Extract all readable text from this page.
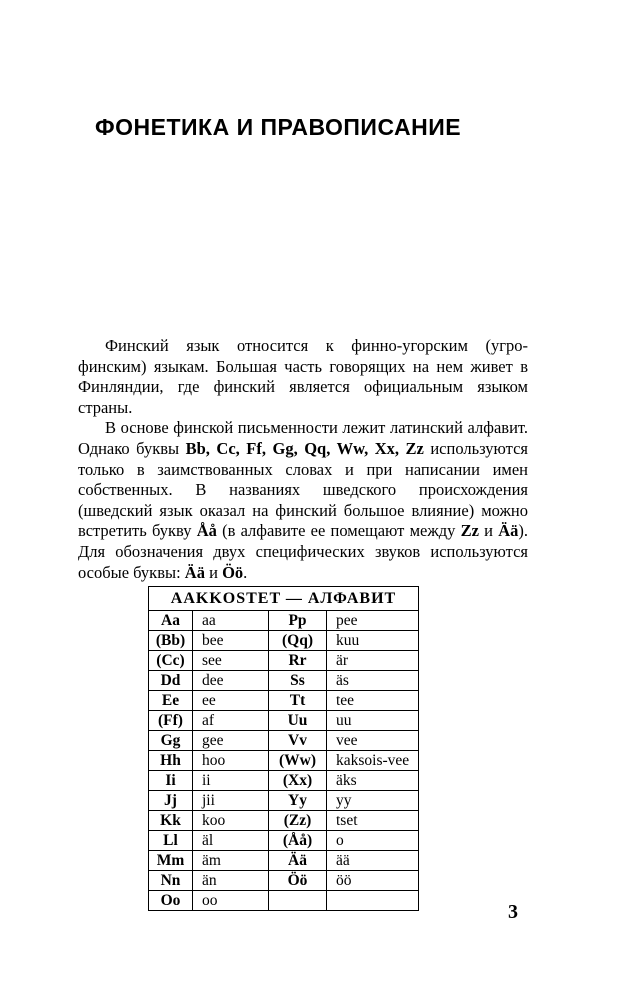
ФОНЕТИКА И ПРАВОПИСАНИЕ

Финский язык относится к финно-угорским (угро-финским) языкам. Большая часть говорящих на нем живет в Финляндии, где финский является официальным языком страны.

В основе финской письменности лежит латинский алфавит. Однако буквы Bb, Cc, Ff, Gg, Qq, Ww, Xx, Zz используются только в заимствованных словах и при написании имен собственных. В названиях шведского происхождения (шведский язык оказал на финский большое влияние) можно встретить букву Åå (в алфавите ее помещают между Zz и Ää). Для обозначения двух специфических звуков используются особые буквы: Ää и Öö.

AAKKOSTET — АЛФАВИТ			
Aa	aa	Pp	pee
(Bb)	bee	(Qq)	kuu
(Cc)	see	Rr	är
Dd	dee	Ss	äs
Ee	ee	Tt	tee
(Ff)	af	Uu	uu
Gg	gee	Vv	vee
Hh	hoo	(Ww)	kaksois-vee
Ii	ii	(Xx)	äks
Jj	jii	Yy	yy
Kk	koo	(Zz)	tset
Ll	äl	(Åå)	o
Mm	äm	Ää	ää
Nn	än	Öö	öö
Oo	oo		
3
